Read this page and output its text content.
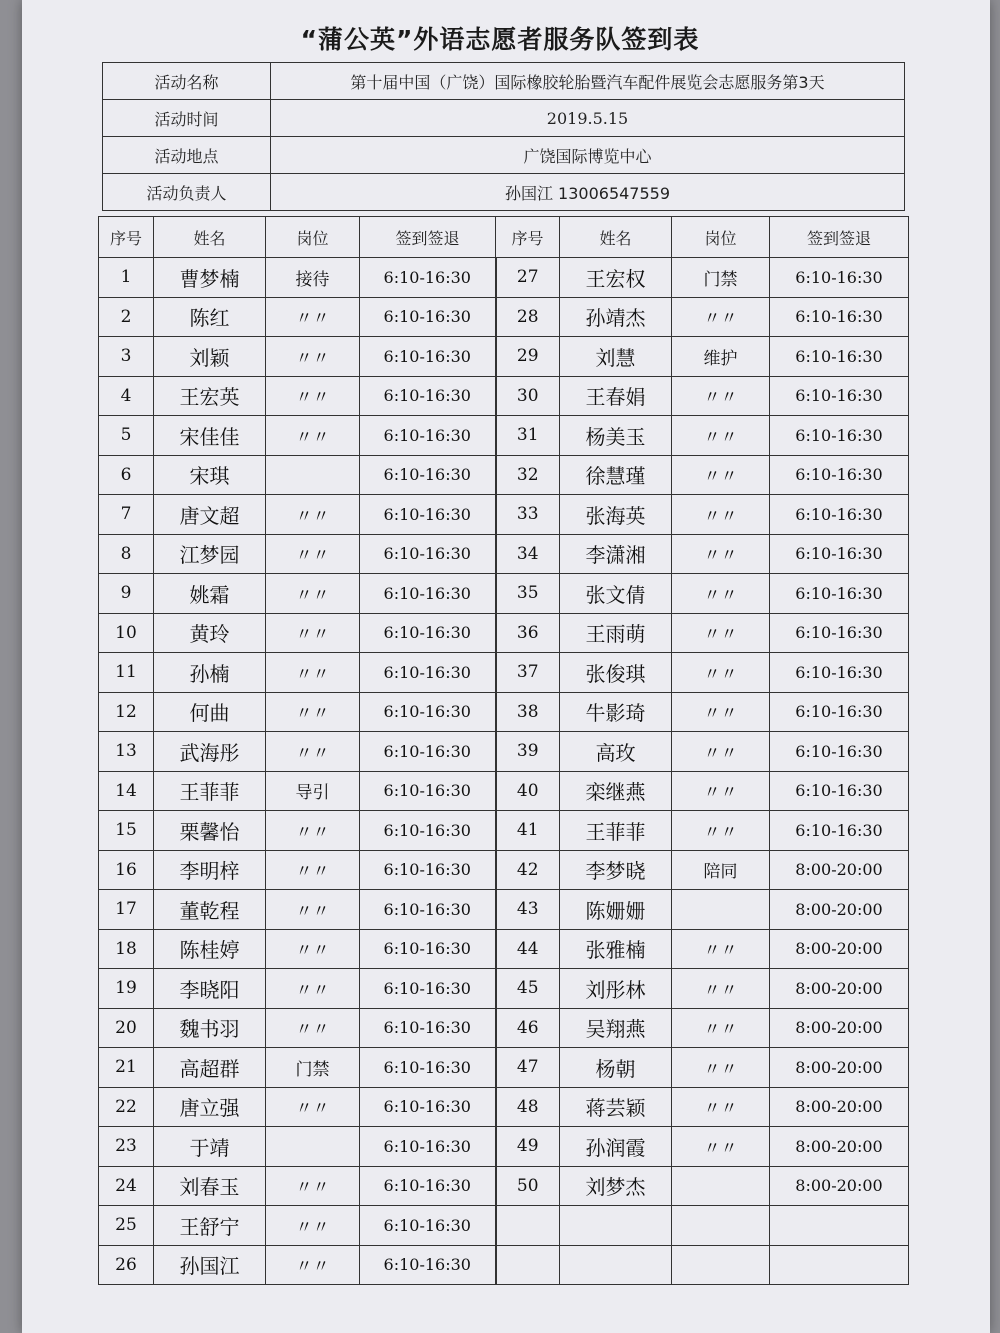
“蒲公英”外语志愿者服务队签到表
活动名称	第十届中国（广饶）国际橡胶轮胎暨汽车配件展览会志愿服务第3天
活动时间	2019.5.15
活动地点	广饶国际博览中心
活动负责人	孙国江 13006547559
序号	姓名	岗位	签到签退	序号	姓名	岗位	签到签退
1	曹梦楠	接待	6:10-16:30	27	王宏权	门禁	6:10-16:30
2	陈红	〃〃	6:10-16:30	28	孙靖杰	〃〃	6:10-16:30
3	刘颖	〃〃	6:10-16:30	29	刘慧	维护	6:10-16:30
4	王宏英	〃〃	6:10-16:30	30	王春娟	〃〃	6:10-16:30
5	宋佳佳	〃〃	6:10-16:30	31	杨美玉	〃〃	6:10-16:30
6	宋琪		6:10-16:30	32	徐慧瑾	〃〃	6:10-16:30
7	唐文超	〃〃	6:10-16:30	33	张海英	〃〃	6:10-16:30
8	江梦园	〃〃	6:10-16:30	34	李潇湘	〃〃	6:10-16:30
9	姚霜	〃〃	6:10-16:30	35	张文倩	〃〃	6:10-16:30
10	黄玲	〃〃	6:10-16:30	36	王雨萌	〃〃	6:10-16:30
11	孙楠	〃〃	6:10-16:30	37	张俊琪	〃〃	6:10-16:30
12	何曲	〃〃	6:10-16:30	38	牛影琦	〃〃	6:10-16:30
13	武海彤	〃〃	6:10-16:30	39	高玫	〃〃	6:10-16:30
14	王菲菲	导引	6:10-16:30	40	栾继燕	〃〃	6:10-16:30
15	栗馨怡	〃〃	6:10-16:30	41	王菲菲	〃〃	6:10-16:30
16	李明梓	〃〃	6:10-16:30	42	李梦晓	陪同	8:00-20:00
17	董乾程	〃〃	6:10-16:30	43	陈姗姗		8:00-20:00
18	陈桂婷	〃〃	6:10-16:30	44	张雅楠	〃〃	8:00-20:00
19	李晓阳	〃〃	6:10-16:30	45	刘彤林	〃〃	8:00-20:00
20	魏书羽	〃〃	6:10-16:30	46	吴翔燕	〃〃	8:00-20:00
21	高超群	门禁	6:10-16:30	47	杨朝	〃〃	8:00-20:00
22	唐立强	〃〃	6:10-16:30	48	蒋芸颖	〃〃	8:00-20:00
23	于靖		6:10-16:30	49	孙润霞	〃〃	8:00-20:00
24	刘春玉	〃〃	6:10-16:30	50	刘梦杰		8:00-20:00
25	王舒宁	〃〃	6:10-16:30				
26	孙国江	〃〃	6:10-16:30				
